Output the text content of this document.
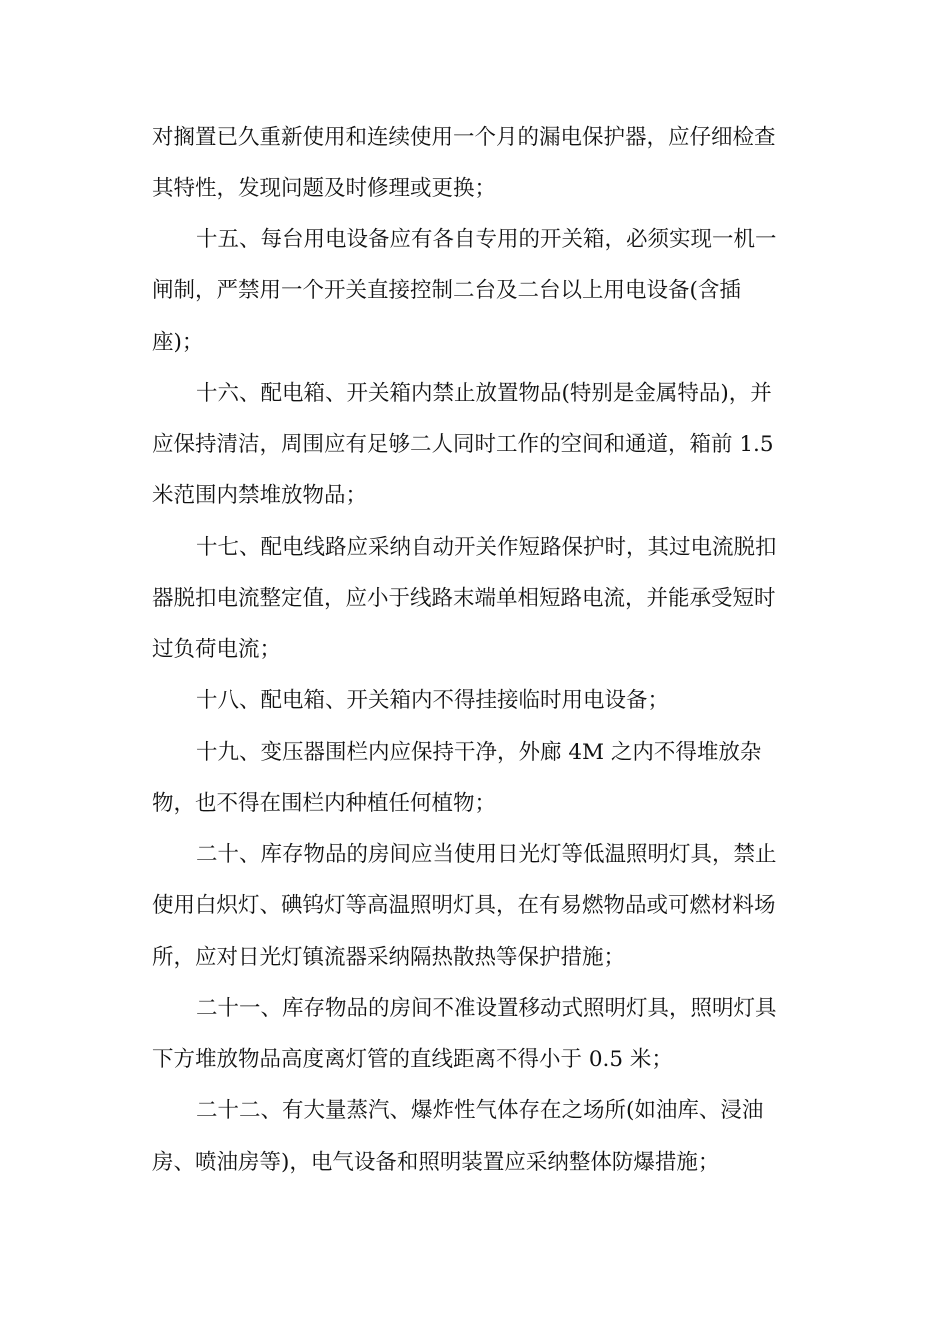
对搁置已久重新使用和连续使用一个月的漏电保护器，应仔细检查
其特性，发现问题及时修理或更换；
十五、每台用电设备应有各自专用的开关箱，必须实现一机一
闸制，严禁用一个开关直接控制二台及二台以上用电设备(含插
座)；
十六、配电箱、开关箱内禁止放置物品(特别是金属特品)，并
应保持清洁，周围应有足够二人同时工作的空间和通道，箱前 1.5
米范围内禁堆放物品；
十七、配电线路应采纳自动开关作短路保护时，其过电流脱扣
器脱扣电流整定值，应小于线路末端单相短路电流，并能承受短时
过负荷电流；
十八、配电箱、开关箱内不得挂接临时用电设备；
十九、变压器围栏内应保持干净，外廊 4M 之内不得堆放杂
物，也不得在围栏内种植任何植物；
二十、库存物品的房间应当使用日光灯等低温照明灯具，禁止
使用白炽灯、碘钨灯等高温照明灯具，在有易燃物品或可燃材料场
所，应对日光灯镇流器采纳隔热散热等保护措施；
二十一、库存物品的房间不准设置移动式照明灯具，照明灯具
下方堆放物品高度离灯管的直线距离不得小于 0.5 米；
二十二、有大量蒸汽、爆炸性气体存在之场所(如油库、浸油
房、喷油房等)，电气设备和照明装置应采纳整体防爆措施；
